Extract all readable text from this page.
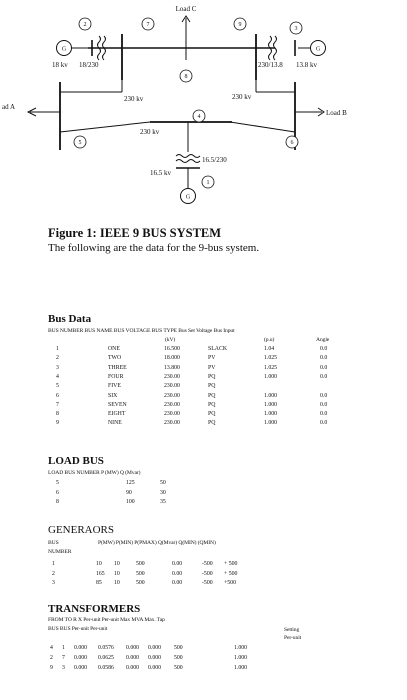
G	G
G
2	7	9
3
8
4
5	6
1
Load C
ad A
Load B
18 kv 18/230	230/13.8 13.8 kv
230 kv	230 kv
230 kv
16.5/230
16.5 kv
Figure 1: IEEE 9 BUS SYSTEM
The following are the data for the 9-bus system.
Bus Data
BUS NUMBER BUS NAME BUS VOLTAGE BUS TYPE Bus Set Voltage Bus Input
(kV)	(p.u)	Angle
1	ONE	16.500	SLACK	1.04	0.0
2	TWO	18.000	PV	1.025	0.0
3	THREE	13.800	PV	1.025	0.0
4	FOUR	230.00	PQ	1.000	0.0
5	FIVE	230.00	PQ
6	SIX	230.00	PQ	1.000	0.0
7	SEVEN	230.00	PQ	1.000	0.0
8	EIGHT	230.00	PQ	1.000	0.0
9	NINE	230.00	PQ	1.000	0.0
LOAD BUS
LOAD BUS NUMBER P (MW) Q (Mvar)
5	125	50
6	90	30
8	100	35
GENERAORS
BUS	P(MW) P(MIN) P(PMAX) Q(Mvar) Q(MIN) (QMIN)
NUMBER
1	10 10	500	0.00	-500 + 500
2	165 10	500	0.00	-500 + 500
3	85 10	500	0.00	-500 +500
TRANSFORMERS
FROM TO R X Per-unit Per-unit Max MVA Max. Tap
BUS BUS Per-unit Per-unit	Setting
Per-unit
4 1 0.000 0.0576 0.000 0.000 500	1.000
2 7 0.000 0.0625 0.000 0.000 500	1.000
9 3 0.000 0.0586 0.000 0.000 500	1.000
